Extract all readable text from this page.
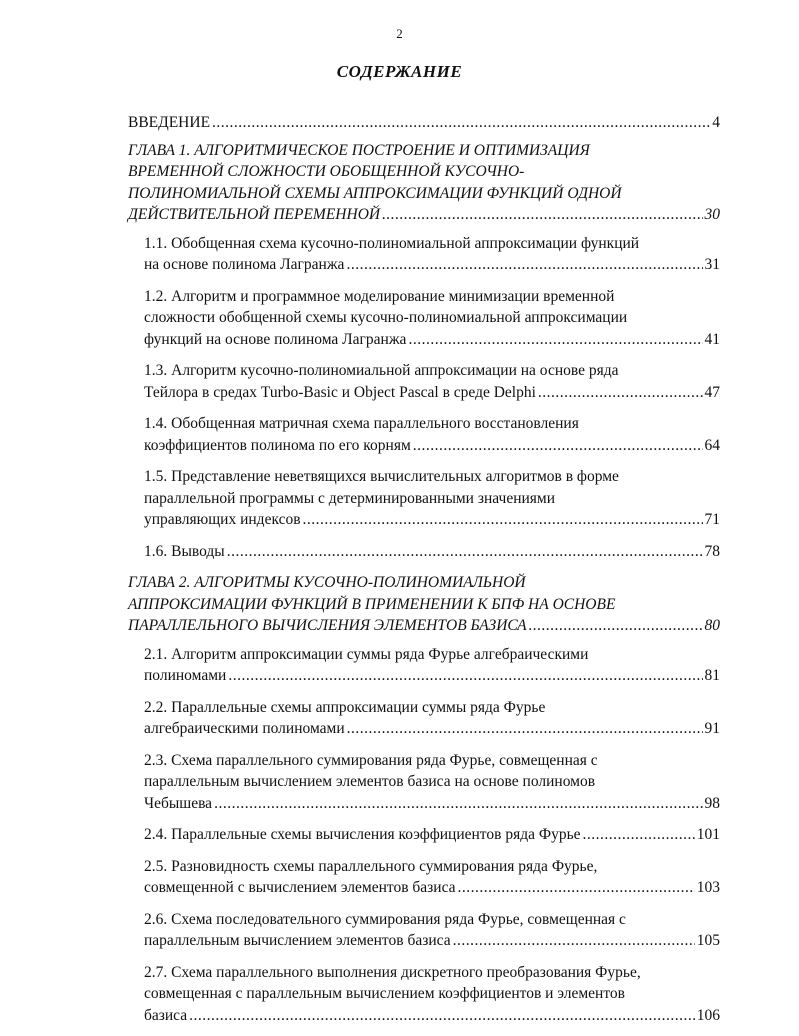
2
СОДЕРЖАНИЕ
ВВЕДЕНИЕ .....	4
ГЛАВА 1. АЛГОРИТМИЧЕСКОЕ ПОСТРОЕНИЕ И ОПТИМИЗАЦИЯ
ВРЕМЕННОЙ СЛОЖНОСТИ ОБОБЩЕННОЙ КУСОЧНО-
ПОЛИНОМИАЛЬНОЙ СХЕМЫ АППРОКСИМАЦИИ ФУНКЦИЙ ОДНОЙ
ДЕЙСТВИТЕЛЬНОЙ ПЕРЕМЕННОЙ .....	30
1.1. Обобщенная схема кусочно-полиномиальной аппроксимации функций
на основе полинома Лагранжа .....	31
1.2. Алгоритм и программное моделирование минимизации временной
сложности обобщенной схемы кусочно-полиномиальной аппроксимации
функций на основе полинома Лагранжа .....	41
1.3. Алгоритм кусочно-полиномиальной аппроксимации на основе ряда
Тейлора в средах Turbo-Basic и Object Pascal в среде Delphi .....	47
1.4. Обобщенная матричная схема параллельного восстановления
коэффициентов полинома по его корням .....	64
1.5. Представление неветвящихся вычислительных алгоритмов в форме
параллельной программы с детерминированными значениями
управляющих индексов .....	71
1.6. Выводы .....	78
ГЛАВА 2. АЛГОРИТМЫ КУСОЧНО-ПОЛИНОМИАЛЬНОЙ
АППРОКСИМАЦИИ ФУНКЦИЙ В ПРИМЕНЕНИИ К БПФ НА ОСНОВЕ
ПАРАЛЛЕЛЬНОГО ВЫЧИСЛЕНИЯ ЭЛЕМЕНТОВ БАЗИСА .....	80
2.1. Алгоритм аппроксимации суммы ряда Фурье алгебраическими
полиномами .....	81
2.2. Параллельные схемы аппроксимации суммы ряда Фурье
алгебраическими полиномами .....	91
2.3. Схема параллельного суммирования ряда Фурье, совмещенная с
параллельным вычислением элементов базиса на основе полиномов
Чебышева .....	98
2.4. Параллельные схемы вычисления коэффициентов ряда Фурье .....	101
2.5. Разновидность схемы параллельного суммирования ряда Фурье,
совмещенной с вычислением элементов базиса .....	103
2.6. Схема последовательного суммирования ряда Фурье, совмещенная с
параллельным вычислением элементов базиса .....	105
2.7. Схема параллельного выполнения дискретного преобразования Фурье,
совмещенная с параллельным вычислением коэффициентов и элементов
базиса .....	106
